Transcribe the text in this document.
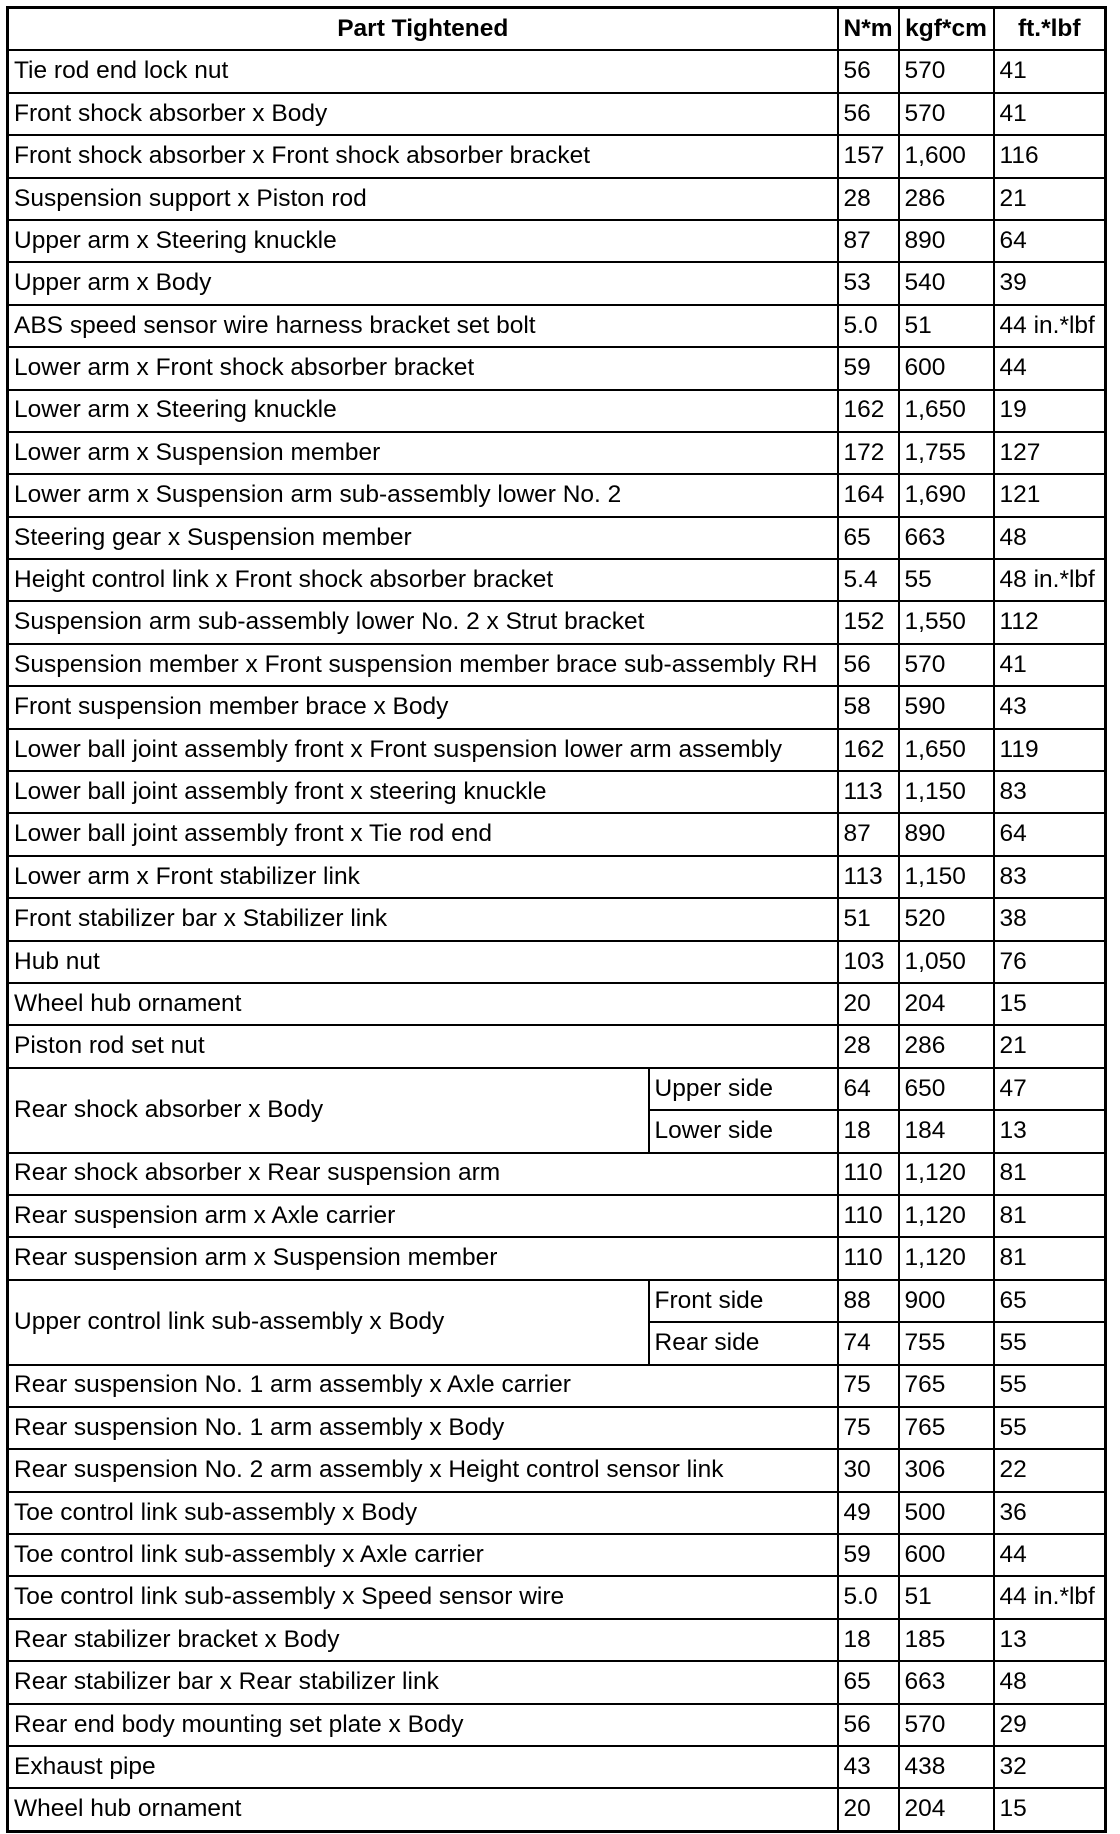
Part Tightened		N*m	kgf*cm	ft.*lbf
Tie rod end lock nut		56	570	41
Front shock absorber x Body		56	570	41
Front shock absorber x Front shock absorber bracket		157	1,600	116
Suspension support x Piston rod		28	286	21
Upper arm x Steering knuckle		87	890	64
Upper arm x Body		53	540	39
ABS speed sensor wire harness bracket set bolt		5.0	51	44 in.*lbf
Lower arm x Front shock absorber bracket		59	600	44
Lower arm x Steering knuckle		162	1,650	19
Lower arm x Suspension member		172	1,755	127
Lower arm x Suspension arm sub-assembly lower No. 2		164	1,690	121
Steering gear x Suspension member		65	663	48
Height control link x Front shock absorber bracket		5.4	55	48 in.*lbf
Suspension arm sub-assembly lower No. 2 x Strut bracket		152	1,550	112
Suspension member x Front suspension member brace sub-assembly RH		56	570	41
Front suspension member brace x Body		58	590	43
Lower ball joint assembly front x Front suspension lower arm assembly		162	1,650	119
Lower ball joint assembly front x steering knuckle		113	1,150	83
Lower ball joint assembly front x Tie rod end		87	890	64
Lower arm x Front stabilizer link		113	1,150	83
Front stabilizer bar x Stabilizer link		51	520	38
Hub nut		103	1,050	76
Wheel hub ornament		20	204	15
Piston rod set nut		28	286	21
Rear shock absorber x Body	Upper side	64	650	47
	Lower side	18	184	13
Rear shock absorber x Rear suspension arm		110	1,120	81
Rear suspension arm x Axle carrier		110	1,120	81
Rear suspension arm x Suspension member		110	1,120	81
Upper control link sub-assembly x Body	Front side	88	900	65
	Rear side	74	755	55
Rear suspension No. 1 arm assembly x Axle carrier		75	765	55
Rear suspension No. 1 arm assembly x Body		75	765	55
Rear suspension No. 2 arm assembly x Height control sensor link		30	306	22
Toe control link sub-assembly x Body		49	500	36
Toe control link sub-assembly x Axle carrier		59	600	44
Toe control link sub-assembly x Speed sensor wire		5.0	51	44 in.*lbf
Rear stabilizer bracket x Body		18	185	13
Rear stabilizer bar x Rear stabilizer link		65	663	48
Rear end body mounting set plate x Body		56	570	29
Exhaust pipe		43	438	32
Wheel hub ornament		20	204	15
